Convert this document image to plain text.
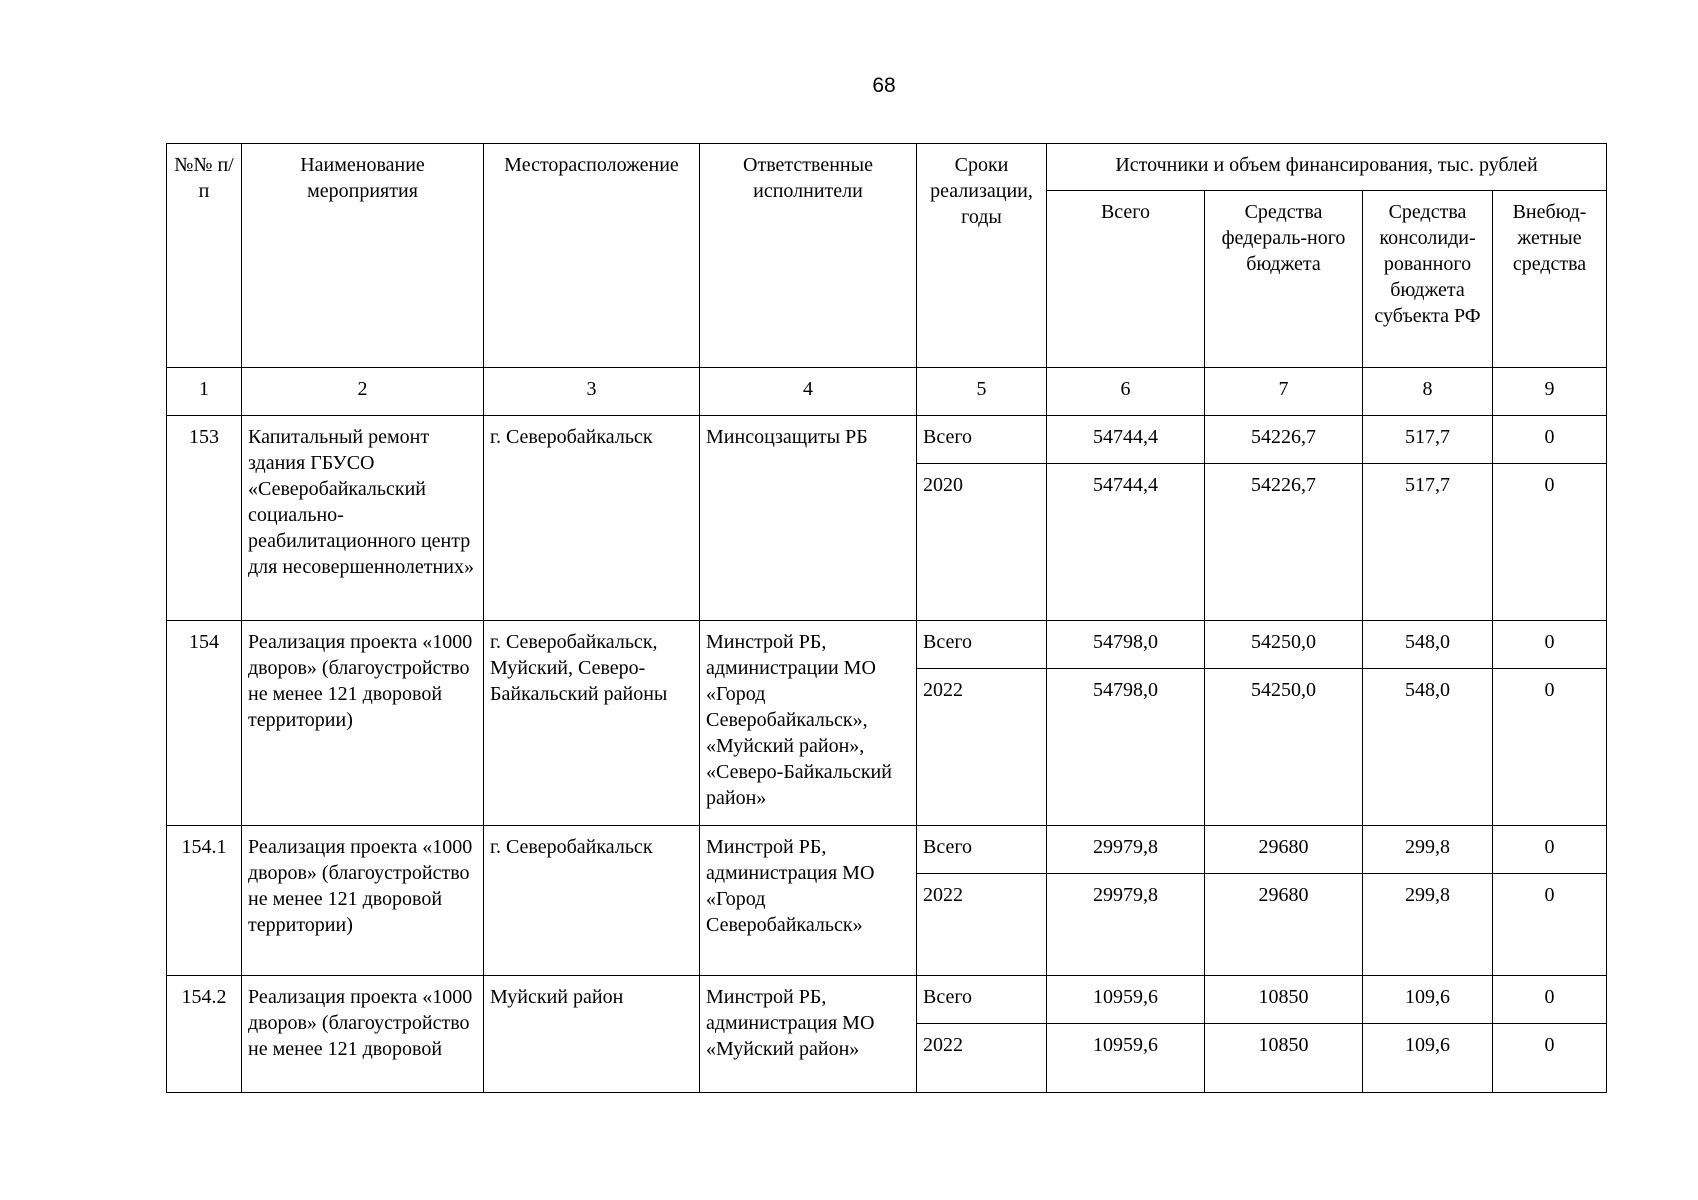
68
№№ п/п	Наименование мероприятия	Месторасположение	Ответственные исполнители	Сроки реализации, годы	Источники и объем финансирования, тыс. рублей			
					Всего	Средства федераль-ного бюджета	Средства консолиди-рованного бюджета субъекта РФ	Внебюд-жетные средства
1	2	3	4	5	6	7	8	9
153	Капитальный ремонт здания ГБУСО «Северобайкальский социально-реабилитационного центр для несовершеннолетних»	г. Северобайкальск	Минсоцзащиты РБ	Всего	54744,4	54226,7	517,7	0
				2020	54744,4	54226,7	517,7	0
154	Реализация проекта «1000 дворов» (благоустройство не менее 121 дворовой территории)	г. Северобайкальск, Муйский, Северо-Байкальский районы	Минстрой РБ, администрации МО «Город Северобайкальск», «Муйский район», «Северо-Байкальский район»	Всего	54798,0	54250,0	548,0	0
				2022	54798,0	54250,0	548,0	0
154.1	Реализация проекта «1000 дворов» (благоустройство не менее 121 дворовой территории)	г. Северобайкальск	Минстрой РБ, администрация МО «Город Северобайкальск»	Всего	29979,8	29680	299,8	0
				2022	29979,8	29680	299,8	0
154.2	Реализация проекта «1000 дворов» (благоустройство не менее 121 дворовой	Муйский район	Минстрой РБ, администрация МО «Муйский район»	Всего	10959,6	10850	109,6	0
				2022	10959,6	10850	109,6	0
